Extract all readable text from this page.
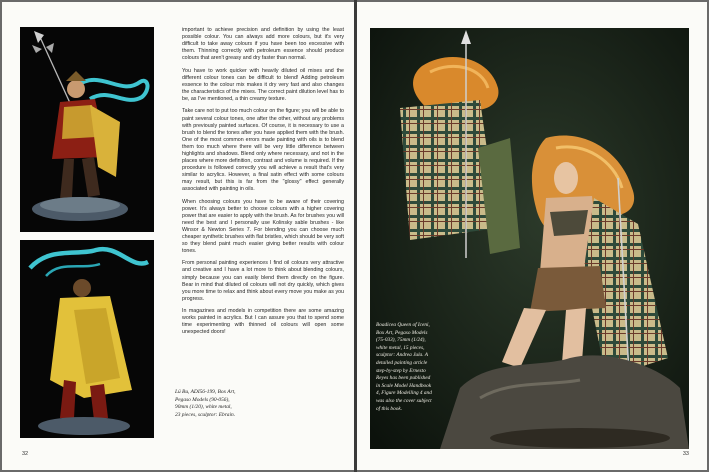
Lü Bu, ADI56-199, Box Art,

Pegaso Models (90-056),

90mm (1/20), white metal,

23 pieces, sculptor: Ebrain.

important to achieve precision and definition by using the least possible colour. You can always add more colours, but it's very difficult to take away colours if you have been too excessive with them. Thinning correctly with petroleum essence should produce colours that aren't greasy and dry faster than normal.

You have to work quicker with heavily diluted oil mixes and the different colour tones can be difficult to blend! Adding petroleum essence to the colour mix makes it dry very fast and also changes the characteristics of the mixes. The correct paint dilution level has to be, as I've mentioned, a thin creamy texture.

Take care not to put too much colour on the figure; you will be able to paint several colour tones, one after the other, without any problems with previously painted surfaces. Of course, it is necessary to use a brush to blend the tones after you have applied them with the brush. One of the most common errors made painting with oils is to blend them too much where there will be very little difference between highlights and shadows. Blend only where necessary, and not in the places where more definition, contrast and volume is required. If the procedure is followed correctly you will achieve a result that's very similar to acrylics. However, a final satin effect with some colours may result, but this is far from the "glossy" effect generally associated with painting in oils.

When choosing colours you have to be aware of their covering power. It's always better to choose colours with a higher covering power that are easier to apply with the brush. As for brushes you will need the best and I personally use Kolinsky sable brushes - like Winsor & Newton Series 7. For blending you can choose much cheaper synthetic brushes with flat bristles, which should be very soft so they blend paint much easier giving better results with colour tones.

From personal painting experiences I find oil colours very attractive and creative and I have a lot more to think about blending colours, simply because you can easily blend them directly on the figure. Bear in mind that diluted oil colours will not dry quickly, which gives you more time to relax and think about every move you make as you progress.

In magazines and models in competition there are some amazing works painted in acrylics. But I can assure you that to spend some time experimenting with thinned oil colours will open some unexpected doors!

32

Boadicea Queen of Iceni,

Box Art, Pegaso Models

(75-033), 75mm (1/24),

white metal, 15 pieces,

sculptor: Andrea Jula. A

detailed painting article

step-by-step by Ernesto

Reyes has been published

in Scale Model Handbook

4, Figure Modelling 4 and

was also the cover subject

of this book.

33
